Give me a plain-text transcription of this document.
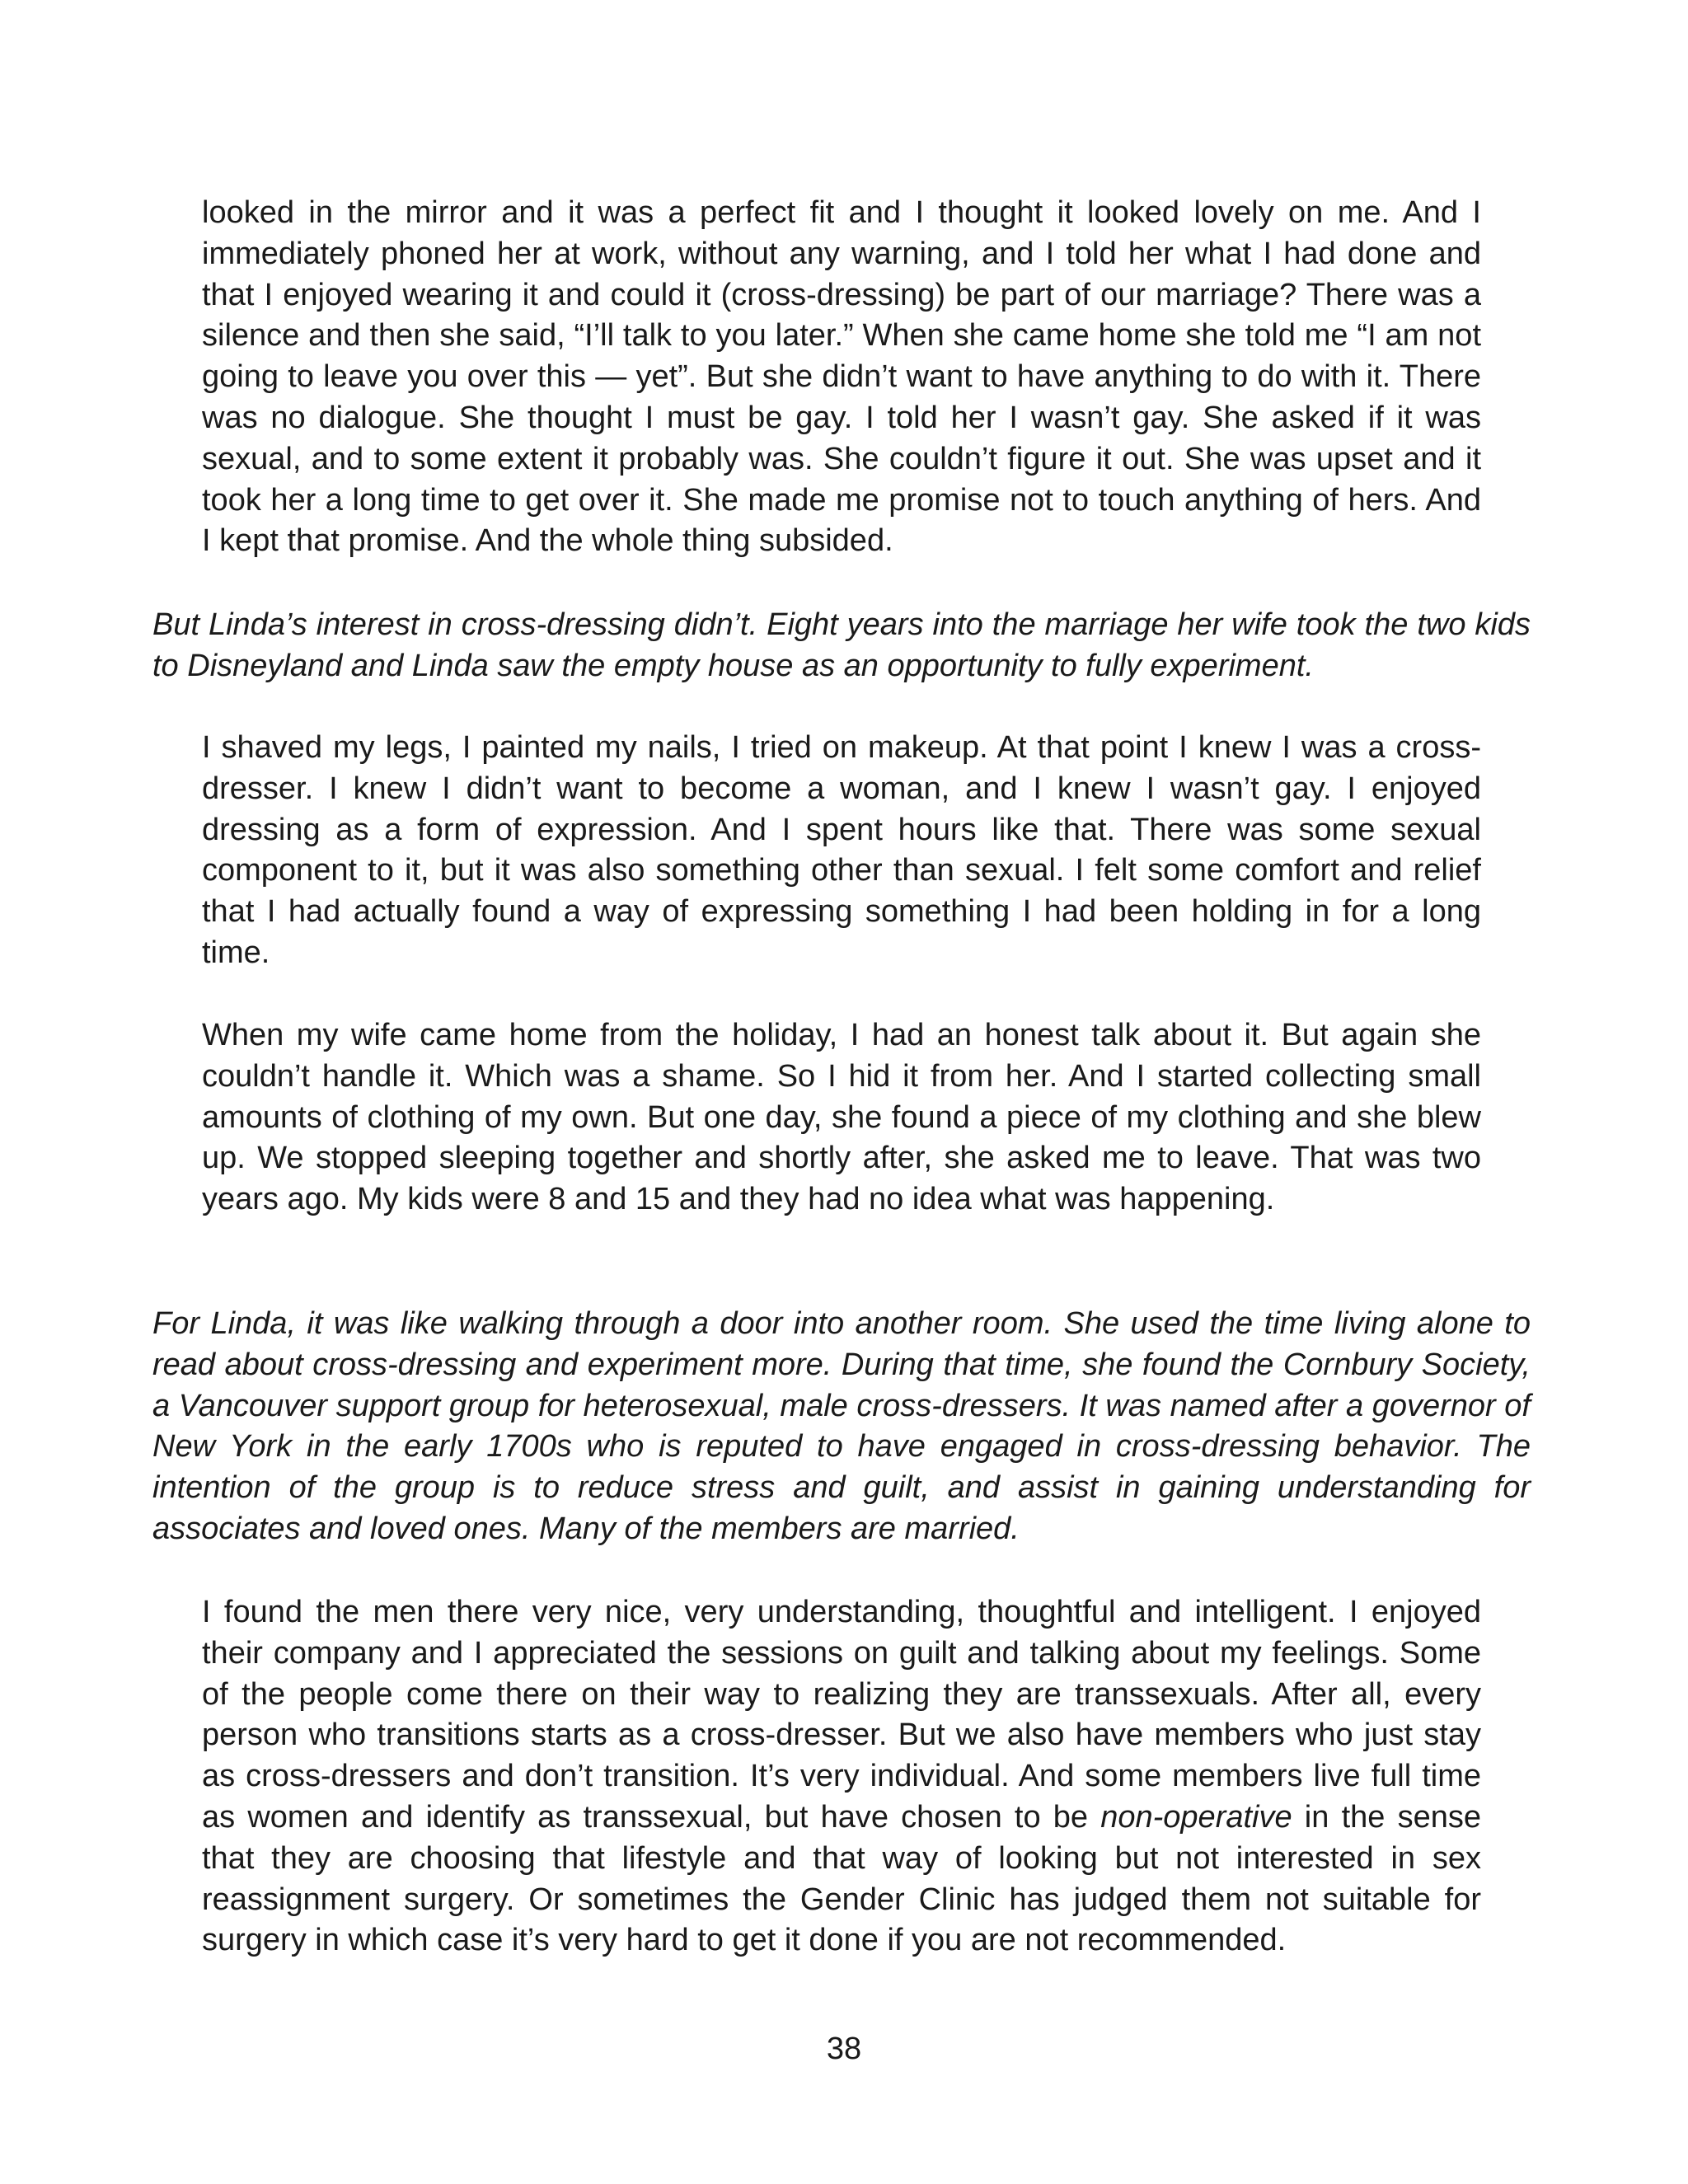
looked in the mirror and it was a perfect fit and I thought it looked lovely on me. And I immediately phoned her at work, without any warning, and I told her what I had done and that I enjoyed wearing it and could it (cross-dressing) be part of our marriage? There was a silence and then she said, “I’ll talk to you later.” When she came home she told me “I am not going to leave you over this — yet”. But she didn’t want to have anything to do with it. There was no dialogue. She thought I must be gay. I told her I wasn’t gay. She asked if it was sexual, and to some extent it probably was. She couldn’t figure it out. She was upset and it took her a long time to get over it. She made me promise not to touch anything of hers. And I kept that promise. And the whole thing subsided.

But Linda’s interest in cross-dressing didn’t. Eight years into the marriage her wife took the two kids to Disneyland and Linda saw the empty house as an opportunity to fully experiment.

I shaved my legs, I painted my nails, I tried on makeup. At that point I knew I was a cross-dresser. I knew I didn’t want to become a woman, and I knew I wasn’t gay. I enjoyed dressing as a form of expression. And I spent hours like that. There was some sexual component to it, but it was also something other than sexual. I felt some comfort and relief that I had actually found a way of expressing something I had been holding in for a long time.

When my wife came home from the holiday, I had an honest talk about it. But again she couldn’t handle it. Which was a shame. So I hid it from her. And I started collecting small amounts of clothing of my own. But one day, she found a piece of my clothing and she blew up. We stopped sleeping together and shortly after, she asked me to leave. That was two years ago. My kids were 8 and 15 and they had no idea what was happening.

For Linda, it was like walking through a door into another room. She used the time living alone to read about cross-dressing and experiment more. During that time, she found the Cornbury Society, a Vancouver support group for heterosexual, male cross-dressers. It was named after a governor of New York in the early 1700s who is reputed to have engaged in cross-dressing behavior. The intention of the group is to reduce stress and guilt, and assist in gaining understanding for associates and loved ones. Many of the members are married.

I found the men there very nice, very understanding, thoughtful and intelligent. I enjoyed their company and I appreciated the sessions on guilt and talking about my feelings. Some of the people come there on their way to realizing they are transsexuals. After all, every person who transitions starts as a cross-dresser. But we also have members who just stay as cross-dressers and don’t transition. It’s very individual. And some members live full time as women and identify as transsexual, but have chosen to be non-operative in the sense that they are choosing that lifestyle and that way of looking but not interested in sex reassignment surgery. Or sometimes the Gender Clinic has judged them not suitable for surgery in which case it’s very hard to get it done if you are not recommended.

38
